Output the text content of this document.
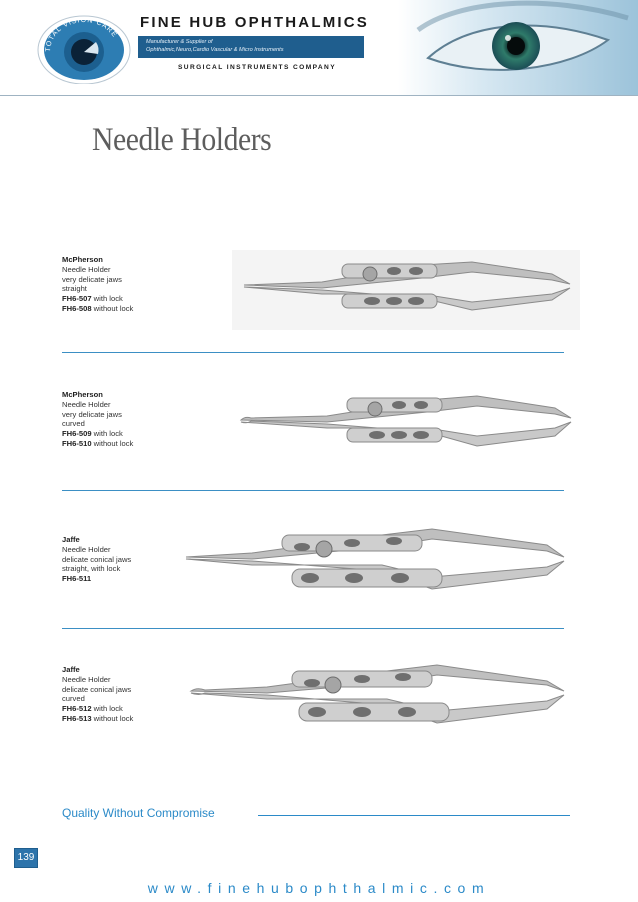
TOTAL VISION CARE
FINE HUB OPHTHALMICS
Manufacturer & Supplier of
Ophthalmic,Neuro,Cardio Vascular & Micro Instruments
SURGICAL INSTRUMENTS COMPANY
Needle Holders
McPherson
Needle Holder
very delicate jaws
straight
FH6-507 with lock
FH6-508 without lock
McPherson
Needle Holder
very delicate jaws
curved
FH6-509 with lock
FH6-510 without lock
Jaffe
Needle Holder
delicate conical jaws
straight, with lock
FH6-511
Jaffe
Needle Holder
delicate conical jaws
curved
FH6-512 with lock
FH6-513 without lock
Quality Without Compromise
139
www.finehubophthalmic.com
